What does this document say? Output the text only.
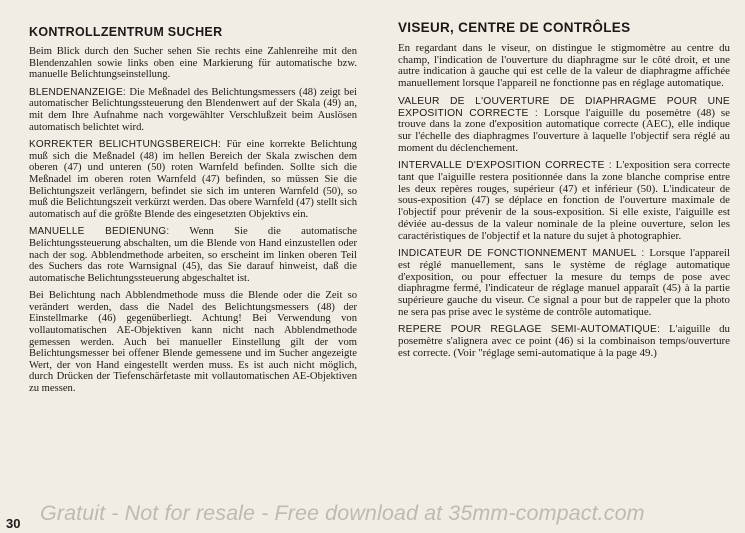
KONTROLLZENTRUM SUCHER

Beim Blick durch den Sucher sehen Sie rechts eine Zahlenreihe mit den Blendenzahlen sowie links oben eine Markierung für automatische bzw. manuelle Belichtungseinstellung.

BLENDENANZEIGE: Die Meßnadel des Belichtungsmessers (48) zeigt bei automatischer Belichtungssteuerung den Blendenwert auf der Skala (49) an, mit dem Ihre Aufnahme nach vorgewählter Verschlußzeit beim Auslösen automatisch belichtet wird.

KORREKTER BELICHTUNGSBEREICH: Für eine korrekte Belichtung muß sich die Meßnadel (48) im hellen Bereich der Skala zwischen dem oberen (47) und unteren (50) roten Warnfeld befinden. Sollte sich die Meßnadel im oberen roten Warnfeld (47) befinden, so müssen Sie die Belichtungszeit verlängern, befindet sie sich im unteren Warnfeld (50), so muß die Belichtungszeit verkürzt werden. Das obere Warnfeld (47) stellt sich automatisch auf die größte Blende des eingesetzten Objektivs ein.

MANUELLE BEDIENUNG: Wenn Sie die automatische Belichtungssteuerung abschalten, um die Blende von Hand einzustellen oder nach der sog. Abblendmethode arbeiten, so erscheint im linken oberen Teil des Suchers das rote Warnsignal (45), das Sie darauf hinweist, daß die automatische Belichtungssteuerung abgeschaltet ist.

Bei Belichtung nach Abblendmethode muss die Blende oder die Zeit so verändert werden, dass die Nadel des Belichtungsmessers (48) der Einstellmarke (46) gegenüberliegt. Achtung! Bei Verwendung von vollautomatischen AE-Objektiven kann nicht nach Abblendmethode gemessen werden. Auch bei manueller Einstellung gilt der vom Belichtungsmesser bei offener Blende gemessene und im Sucher angezeigte Wert, der von Hand eingestellt werden muss. Es ist auch nicht möglich, durch Drücken der Tiefenschärfetaste mit vollautomatischen AE-Objektiven zu messen.

VISEUR, CENTRE DE CONTRÔLES

En regardant dans le viseur, on distingue le stigmomètre au centre du champ, l'indication de l'ouverture du diaphragme sur le côté droit, et une autre indication à gauche qui est celle de la valeur de diaphragme affichée manuellement lorsque l'appareil ne fonctionne pas en réglage automatique.

VALEUR DE L'OUVERTURE DE DIAPHRAGME POUR UNE EXPOSITION CORRECTE : Lorsque l'aiguille du posemètre (48) se trouve dans la zone d'exposition automatique correcte (AEC), elle indique sur l'échelle des diaphragmes l'ouverture à laquelle l'objectif sera réglé au moment du déclenchement.

INTERVALLE D'EXPOSITION CORRECTE : L'exposition sera correcte tant que l'aiguille restera positionnée dans la zone blanche comprise entre les deux repères rouges, supérieur (47) et inférieur (50). L'indicateur de sous-exposition (47) se déplace en fonction de l'ouverture maximale de l'objectif pour prévenir de la sous-exposition. Si elle existe, l'aiguille est déviée au-dessus de la valeur nominale de la pleine ouverture, selon les caractéristiques de l'objectif et la nature du sujet à photographier.

INDICATEUR DE FONCTIONNEMENT MANUEL : Lorsque l'appareil est réglé manuellement, sans le système de réglage automatique d'exposition, ou pour effectuer la mesure du temps de pose avec diaphragme fermé, l'indicateur de réglage manuel apparaît (45) à la partie supérieure gauche du viseur. Ce signal a pour but de rappeler que la photo ne sera pas prise avec le système de contrôle automatique.

REPERE POUR REGLAGE SEMI-AUTOMATIQUE: L'aiguille du posemètre s'alignera avec ce point (46) si la combinaison temps/ouverture est correcte. (Voir "réglage semi-automatique à la page 49.)

30 Gratuit - Not for resale - Free download at 35mm-compact.com
